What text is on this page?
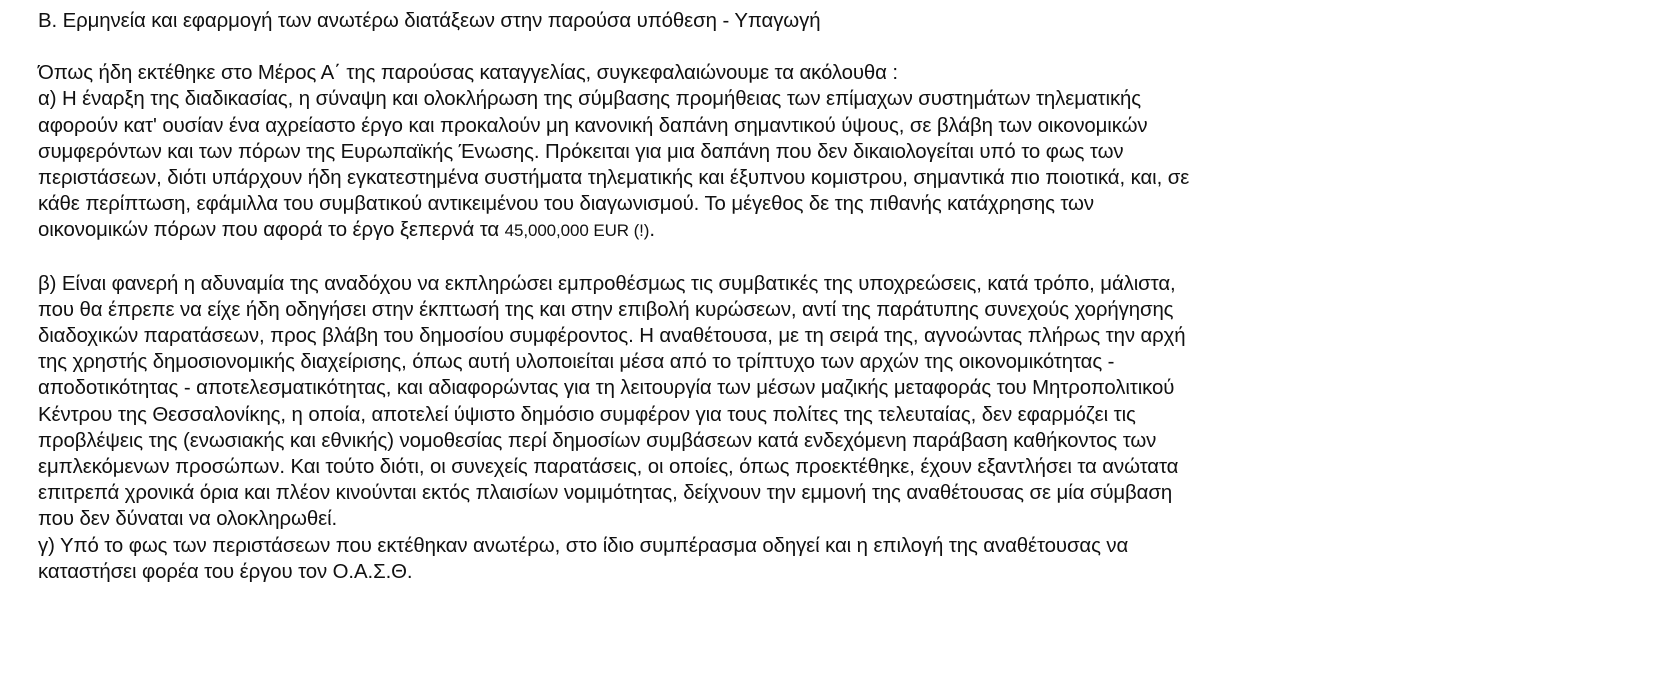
B. Ερμηνεία και εφαρμογή των ανωτέρω διατάξεων στην παρούσα υπόθεση - Υπαγωγή
Όπως ήδη εκτέθηκε στο Μέρος Α΄ της παρούσας καταγγελίας, συγκεφαλαιώνουμε τα ακόλουθα :
α) Η έναρξη της διαδικασίας, η σύναψη και ολοκλήρωση της σύμβασης προμήθειας των επίμαχων συστημάτων τηλεματικής
αφορούν κατ' ουσίαν ένα αχρείαστο έργο και προκαλούν μη κανονική δαπάνη σημαντικού ύψους, σε βλάβη των οικονομικών
συμφερόντων και των πόρων της Ευρωπαϊκής Ένωσης. Πρόκειται για μια δαπάνη που δεν δικαιολογείται υπό το φως των
περιστάσεων, διότι υπάρχουν ήδη εγκατεστημένα συστήματα τηλεματικής και έξυπνου κομιστρου, σημαντικά πιο ποιοτικά, και, σε
κάθε περίπτωση, εφάμιλλα του συμβατικού αντικειμένου του διαγωνισμού. Το μέγεθος δε της πιθανής κατάχρησης των
οικονομικών πόρων που αφορά το έργο ξεπερνά τα 45,000,000 EUR (!).
β) Είναι φανερή η αδυναμία της αναδόχου να εκπληρώσει εμπροθέσμως τις συμβατικές της υποχρεώσεις, κατά τρόπο, μάλιστα,
που θα έπρεπε να είχε ήδη οδηγήσει στην έκπτωσή της και στην επιβολή κυρώσεων, αντί της παράτυπης συνεχούς χορήγησης
διαδοχικών παρατάσεων, προς βλάβη του δημοσίου συμφέροντος. Η αναθέτουσα, με τη σειρά της, αγνοώντας πλήρως την αρχή
της χρηστής δημοσιονομικής διαχείρισης, όπως αυτή υλοποιείται μέσα από το τρίπτυχο των αρχών της οικονομικότητας -
αποδοτικότητας - αποτελεσματικότητας, και αδιαφορώντας για τη λειτουργία των μέσων μαζικής μεταφοράς του Μητροπολιτικού
Κέντρου της Θεσσαλονίκης, η οποία, αποτελεί ύψιστο δημόσιο συμφέρον για τους πολίτες της τελευταίας, δεν εφαρμόζει τις
προβλέψεις της (ενωσιακής και εθνικής) νομοθεσίας περί δημοσίων συμβάσεων κατά ενδεχόμενη παράβαση καθήκοντος των
εμπλεκόμενων προσώπων. Και τούτο διότι, οι συνεχείς παρατάσεις, οι οποίες, όπως προεκτέθηκε, έχουν εξαντλήσει τα ανώτατα
επιτρεπά χρονικά όρια και πλέον κινούνται εκτός πλαισίων νομιμότητας, δείχνουν την εμμονή της αναθέτουσας σε μία σύμβαση
που δεν δύναται να ολοκληρωθεί.
γ) Υπό το φως των περιστάσεων που εκτέθηκαν ανωτέρω, στο ίδιο συμπέρασμα οδηγεί και η επιλογή της αναθέτουσας να
καταστήσει φορέα του έργου τον Ο.Α.Σ.Θ.
